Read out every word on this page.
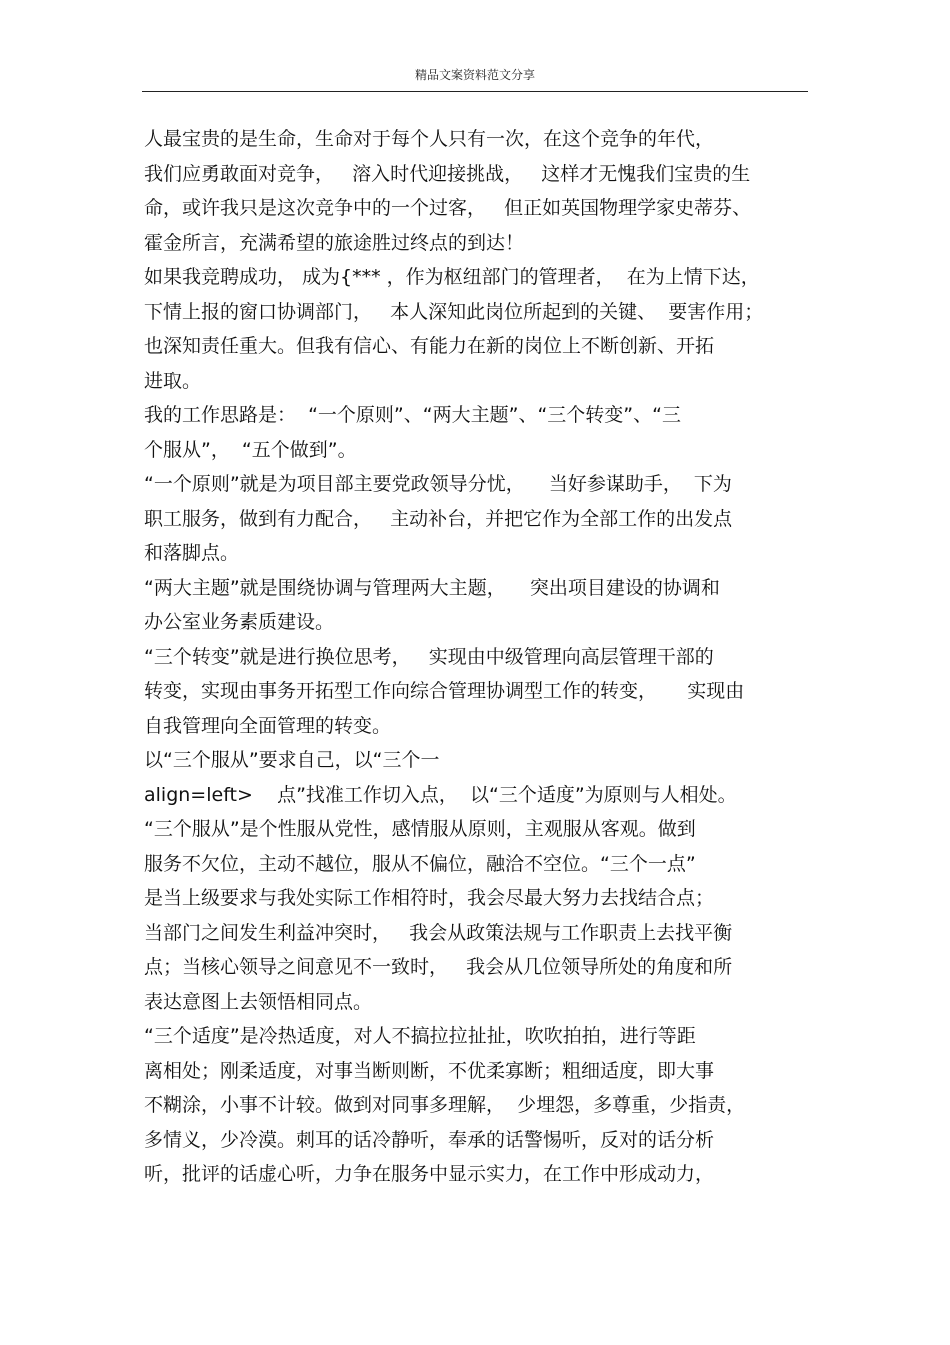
精品文案资料范文分享
人最宝贵的是生命，生命对于每个人只有一次，在这个竞争的年代，
我们应勇敢面对竞争，   溶入时代迎接挑战，   这样才无愧我们宝贵的生
命，或许我只是这次竞争中的一个过客，   但正如英国物理学家史蒂芬、
霍金所言，充满希望的旅途胜过终点的到达！
如果我竞聘成功， 成为{*** ，作为枢纽部门的管理者，  在为上情下达，
下情上报的窗口协调部门，   本人深知此岗位所起到的关键、  要害作用；
也深知责任重大。但我有信心、有能力在新的岗位上不断创新、开拓
进取。
我的工作思路是：  “一个原则”、“两大主题”、“三个转变”、“三
个服从”，  “五个做到”。
“一个原则”就是为项目部主要党政领导分忧，    当好参谋助手，  下为
职工服务，做到有力配合，   主动补台，并把它作为全部工作的出发点
和落脚点。
“两大主题”就是围绕协调与管理两大主题，    突出项目建设的协调和
办公室业务素质建设。
“三个转变”就是进行换位思考，   实现由中级管理向高层管理干部的
转变，实现由事务开拓型工作向综合管理协调型工作的转变，     实现由
自我管理向全面管理的转变。
以“三个服从”要求自己，以“三个一
align=left>    点”找准工作切入点，  以“三个适度”为原则与人相处。
“三个服从”是个性服从党性，感情服从原则，主观服从客观。做到
服务不欠位，主动不越位，服从不偏位，融洽不空位。“三个一点”
是当上级要求与我处实际工作相符时，我会尽最大努力去找结合点；
当部门之间发生利益冲突时，   我会从政策法规与工作职责上去找平衡
点；当核心领导之间意见不一致时，   我会从几位领导所处的角度和所
表达意图上去领悟相同点。
“三个适度”是冷热适度，对人不搞拉拉扯扯，吹吹拍拍，进行等距
离相处；刚柔适度，对事当断则断，不优柔寡断；粗细适度，即大事
不糊涂，小事不计较。做到对同事多理解，  少埋怨，多尊重，少指责，
多情义，少冷漠。刺耳的话冷静听，奉承的话警惕听，反对的话分析
听，批评的话虚心听，力争在服务中显示实力，在工作中形成动力，
